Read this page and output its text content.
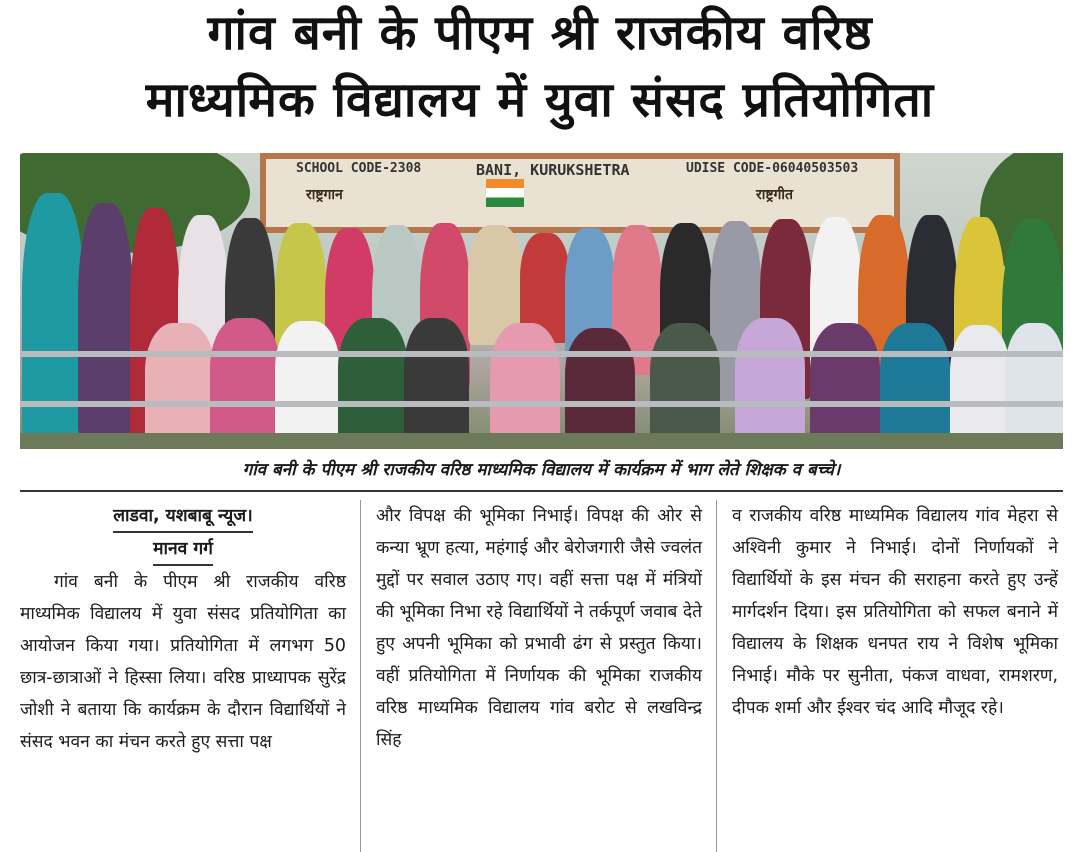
गांव बनी के पीएम श्री राजकीय वरिष्ठ
माध्यमिक विद्यालय में युवा संसद प्रतियोगिता
SCHOOL CODE-2308	BANI, KURUKSHETRA	UDISE CODE-06040503503
राष्ट्रगान	राष्ट्रगीत
गांव बनी के पीएम श्री राजकीय वरिष्ठ माध्यमिक विद्यालय में कार्यक्रम में भाग लेते शिक्षक व बच्चे।
लाडवा, यशबाबू न्यूज।
मानव गर्ग

गांव बनी के पीएम श्री राजकीय वरिष्ठ माध्यमिक विद्यालय में युवा संसद प्रतियोगिता का आयोजन किया गया। प्रतियोगिता में लगभग 50 छात्र-छात्राओं ने हिस्सा लिया। वरिष्ठ प्राध्यापक सुरेंद्र जोशी ने बताया कि कार्यक्रम के दौरान विद्यार्थियों ने संसद भवन का मंचन करते हुए सत्ता पक्ष

और विपक्ष की भूमिका निभाई। विपक्ष की ओर से कन्या भ्रूण हत्या, महंगाई और बेरोजगारी जैसे ज्वलंत मुद्दों पर सवाल उठाए गए। वहीं सत्ता पक्ष में मंत्रियों की भूमिका निभा रहे विद्यार्थियों ने तर्कपूर्ण जवाब देते हुए अपनी भूमिका को प्रभावी ढंग से प्रस्तुत किया। वहीं प्रतियोगिता में निर्णायक की भूमिका राजकीय वरिष्ठ माध्यमिक विद्यालय गांव बरोट से लखविन्द्र सिंह

व राजकीय वरिष्ठ माध्यमिक विद्यालय गांव मेहरा से अश्विनी कुमार ने निभाई। दोनों निर्णायकों ने विद्यार्थियों के इस मंचन की सराहना करते हुए उन्हें मार्गदर्शन दिया। इस प्रतियोगिता को सफल बनाने में विद्यालय के शिक्षक धनपत राय ने विशेष भूमिका निभाई। मौके पर सुनीता, पंकज वाधवा, रामशरण, दीपक शर्मा और ईश्वर चंद आदि मौजूद रहे।
